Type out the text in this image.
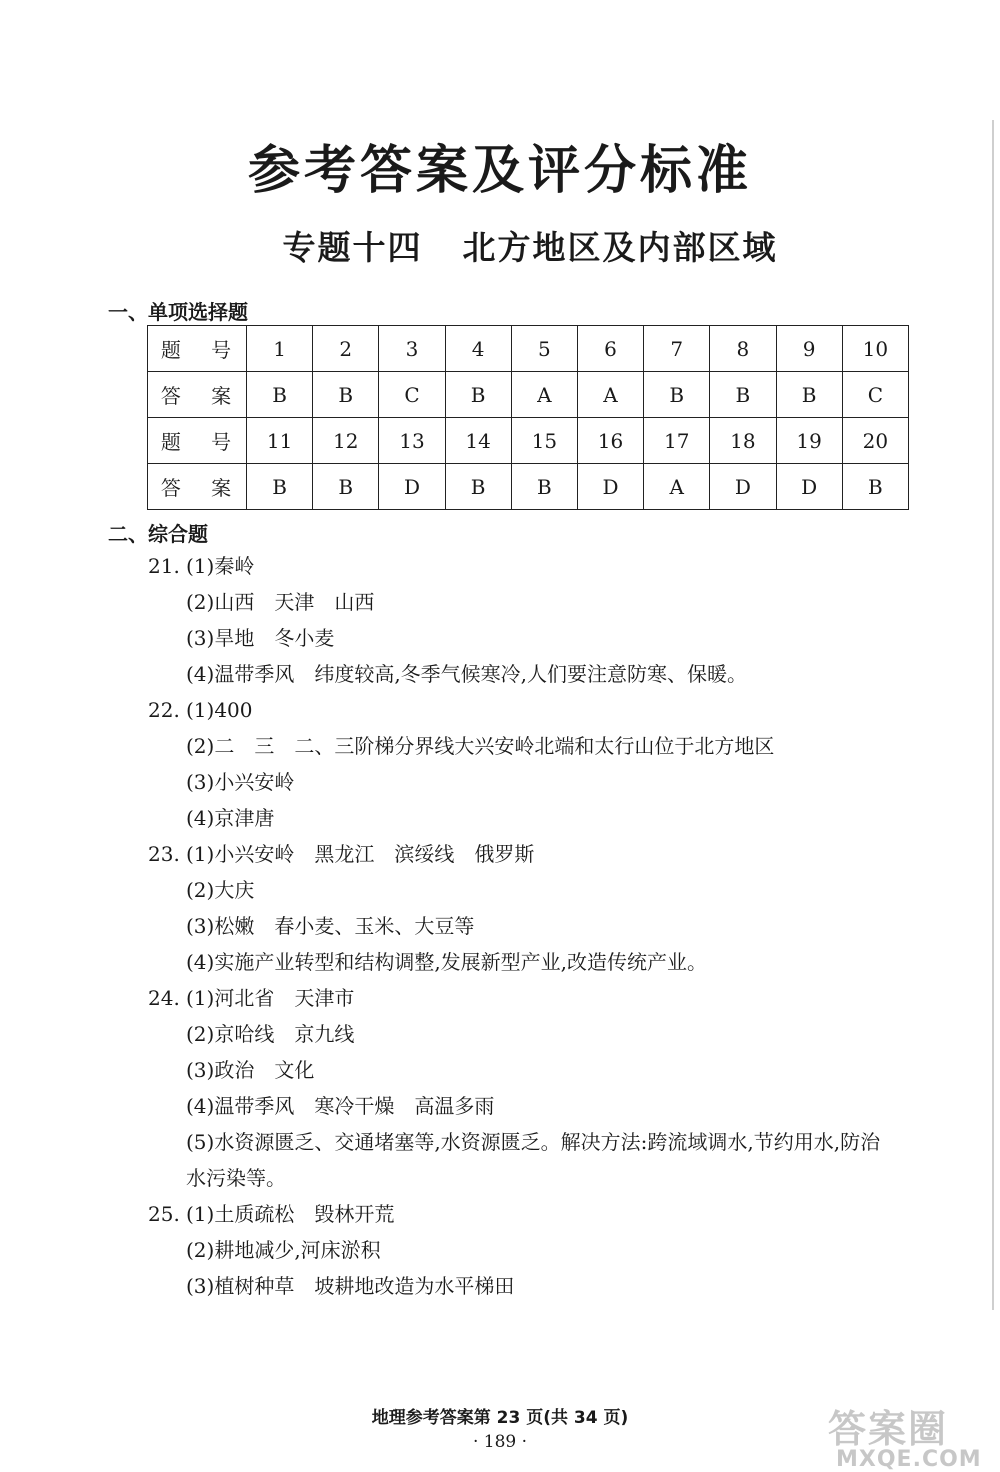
参考答案及评分标准
专题十四 北方地区及内部区域
一、单项选择题
题 号	1	2	3	4	5	6	7	8	9	10
答 案	B	B	C	B	A	A	B	B	B	C
题 号	11	12	13	14	15	16	17	18	19	20
答 案	B	B	D	B	B	D	A	D	D	B
二、综合题
21. (1)秦岭
(2)山西　天津　山西
(3)旱地　冬小麦
(4)温带季风　纬度较高,冬季气候寒冷,人们要注意防寒、保暖。
22. (1)400
(2)二　三　二、三阶梯分界线大兴安岭北端和太行山位于北方地区
(3)小兴安岭
(4)京津唐
23. (1)小兴安岭　黑龙江　滨绥线　俄罗斯
(2)大庆
(3)松嫩　春小麦、玉米、大豆等
(4)实施产业转型和结构调整,发展新型产业,改造传统产业。
24. (1)河北省　天津市
(2)京哈线　京九线
(3)政治　文化
(4)温带季风　寒冷干燥　高温多雨
(5)水资源匮乏、交通堵塞等,水资源匮乏。解决方法:跨流域调水,节约用水,防治
水污染等。
25. (1)土质疏松　毁林开荒
(2)耕地减少,河床淤积
(3)植树种草　坡耕地改造为水平梯田
地理参考答案第 23 页(共 34 页)
· 189 ·	答案圈
MXQE.COM
